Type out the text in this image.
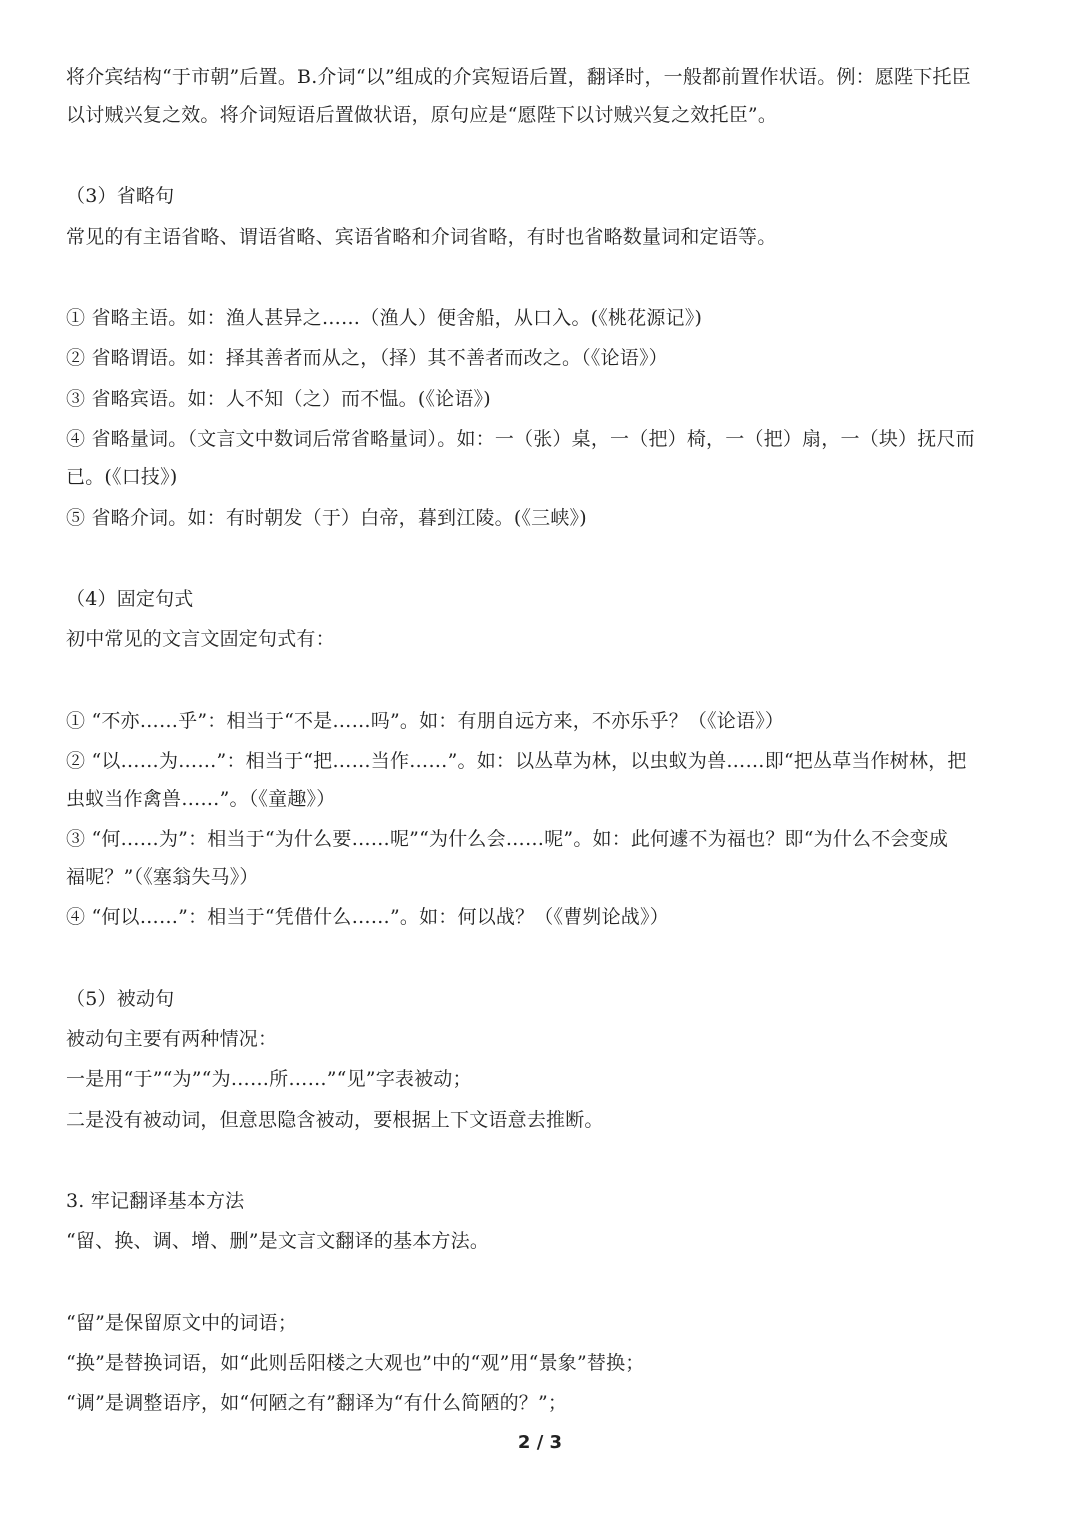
将介宾结构“于市朝”后置。B.介词“以”组成的介宾短语后置，翻译时，一般都前置作状语。例：愿陛下托臣
以讨贼兴复之效。将介词短语后置做状语，原句应是“愿陛下以讨贼兴复之效托臣”。
（3）省略句
常见的有主语省略、谓语省略、宾语省略和介词省略，有时也省略数量词和定语等。
① 省略主语。如：渔人甚异之……（渔人）便舍船，从口入。(《桃花源记》)
② 省略谓语。如：择其善者而从之，（择）其不善者而改之。（《论语》）
③ 省略宾语。如：人不知（之）而不愠。(《论语》)
④ 省略量词。（文言文中数词后常省略量词）。如：一（张）桌，一（把）椅，一（把）扇，一（块）抚尺而
已。(《口技》)
⑤ 省略介词。如：有时朝发（于）白帝，暮到江陵。(《三峡》)
（4）固定句式
初中常见的文言文固定句式有：
① “不亦……乎”：相当于“不是……吗”。如：有朋自远方来，不亦乐乎？（《论语》）
② “以……为……”：相当于“把……当作……”。如：以丛草为林，以虫蚁为兽……即“把丛草当作树林，把
虫蚁当作禽兽……”。（《童趣》）
③ “何……为”：相当于“为什么要……呢”“为什么会……呢”。如：此何遽不为福也？即“为什么不会变成
福呢？”（《塞翁失马》）
④ “何以……”：相当于“凭借什么……”。如：何以战？（《曹刿论战》）
（5）被动句
被动句主要有两种情况：
一是用“于”“为”“为……所……”“见”字表被动；
二是没有被动词，但意思隐含被动，要根据上下文语意去推断。
3. 牢记翻译基本方法
“留、换、调、增、删”是文言文翻译的基本方法。
“留”是保留原文中的词语；
“换”是替换词语，如“此则岳阳楼之大观也”中的“观”用“景象”替换；
“调”是调整语序，如“何陋之有”翻译为“有什么简陋的？”；
2 / 3
